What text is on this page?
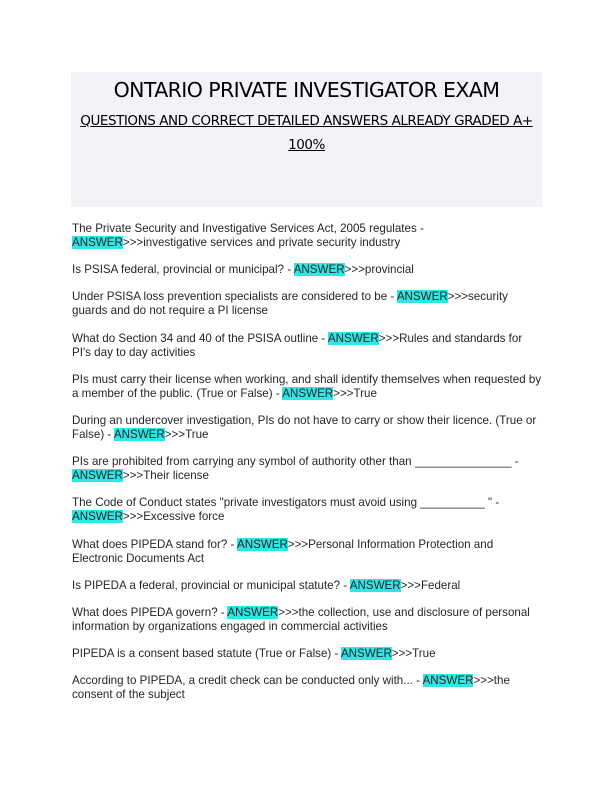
ONTARIO PRIVATE INVESTIGATOR EXAM
QUESTIONS AND CORRECT DETAILED ANSWERS ALREADY GRADED A+ 100%
The Private Security and Investigative Services Act, 2005 regulates - ANSWER>>>investigative services and private security industry
Is PSISA federal, provincial or municipal? - ANSWER>>>provincial
Under PSISA loss prevention specialists are considered to be - ANSWER>>>security guards and do not require a PI license
What do Section 34 and 40 of the PSISA outline - ANSWER>>>Rules and standards for PI's day to day activities
PIs must carry their license when working, and shall identify themselves when requested by a member of the public. (True or False) - ANSWER>>>True
During an undercover investigation, PIs do not have to carry or show their licence. (True or False) - ANSWER>>>True
PIs are prohibited from carrying any symbol of authority other than _______________ - ANSWER>>>Their license
The Code of Conduct states "private investigators must avoid using __________ " - ANSWER>>>Excessive force
What does PIPEDA stand for? - ANSWER>>>Personal Information Protection and Electronic Documents Act
Is PIPEDA a federal, provincial or municipal statute? - ANSWER>>>Federal
What does PIPEDA govern? - ANSWER>>>the collection, use and disclosure of personal information by organizations engaged in commercial activities
PIPEDA is a consent based statute (True or False) - ANSWER>>>True
According to PIPEDA, a credit check can be conducted only with... - ANSWER>>>the consent of the subject
